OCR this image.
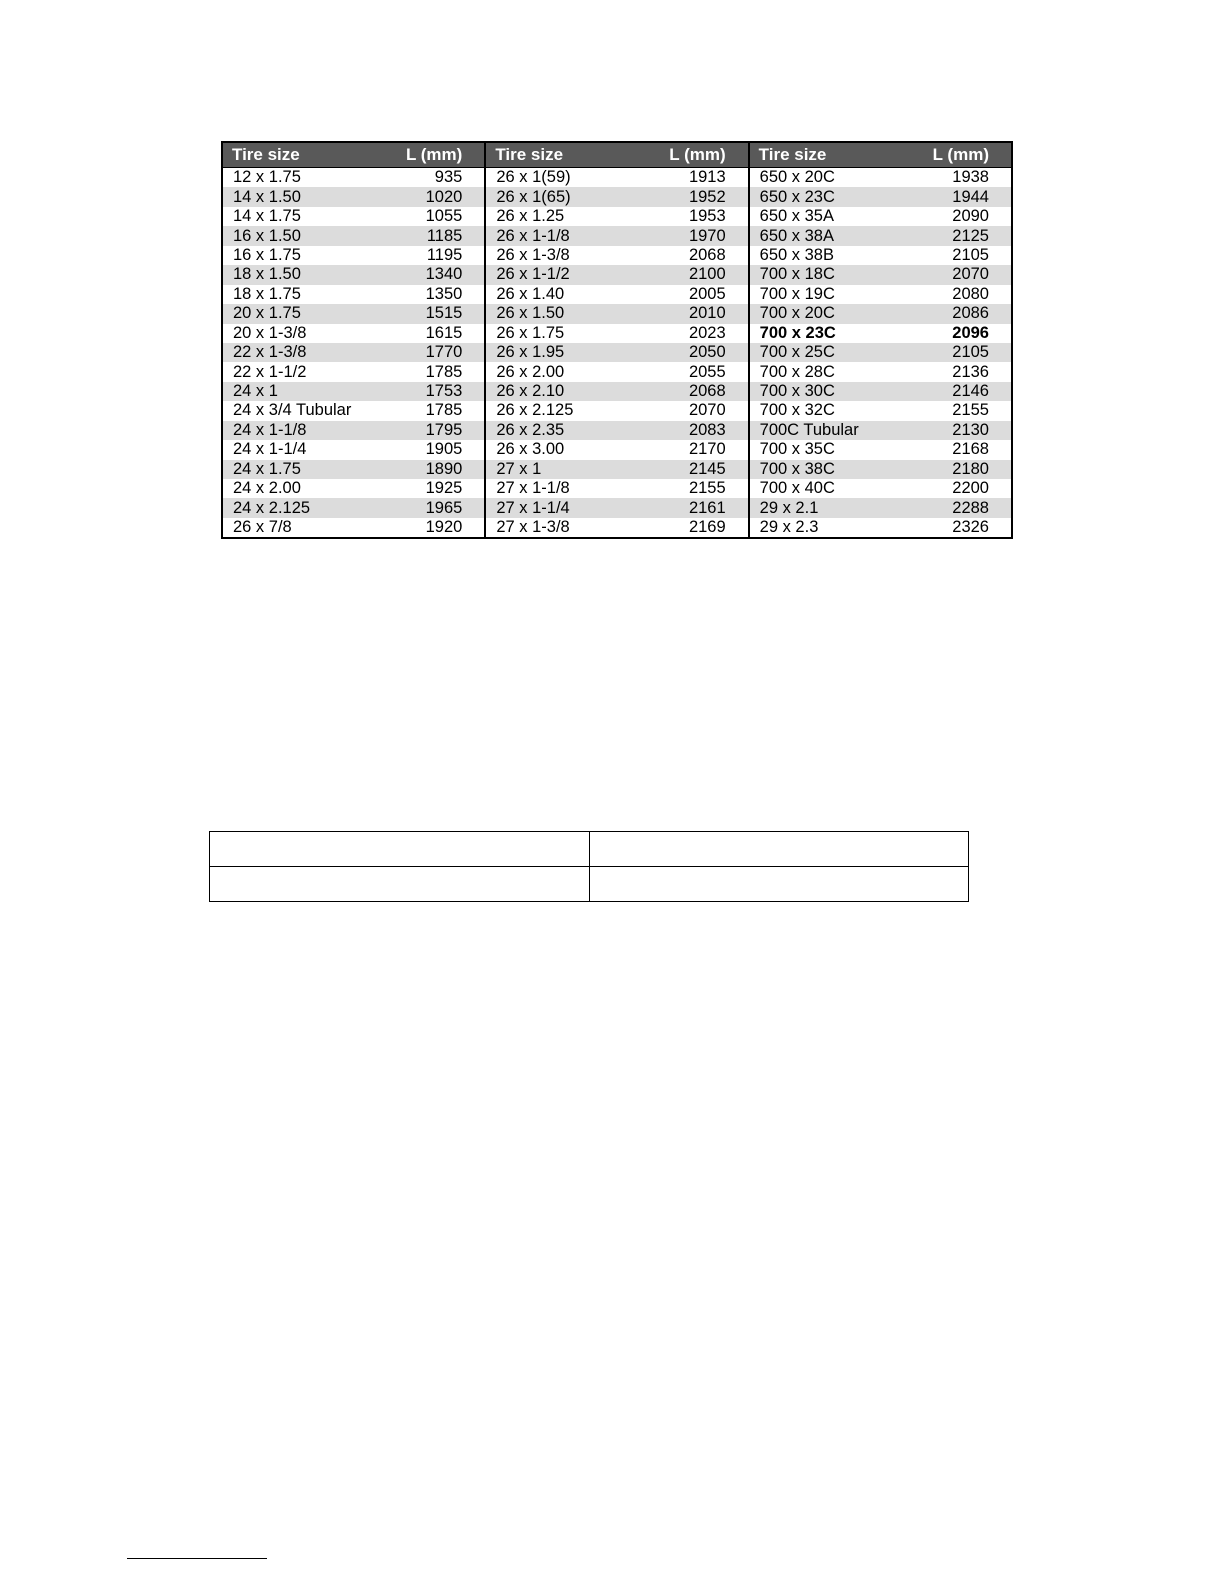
Tire size	L (mm)
12 x 1.75	935
14 x 1.50	1020
14 x 1.75	1055
16 x 1.50	1185
16 x 1.75	1195
18 x 1.50	1340
18 x 1.75	1350
20 x 1.75	1515
20 x 1-3/8	1615
22 x 1-3/8	1770
22 x 1-1/2	1785
24 x 1	1753
24 x 3/4 Tubular	1785
24 x 1-1/8	1795
24 x 1-1/4	1905
24 x 1.75	1890
24 x 2.00	1925
24 x 2.125	1965
26 x 7/8	1920
Tire size	L (mm)
26 x 1(59)	1913
26 x 1(65)	1952
26 x 1.25	1953
26 x 1-1/8	1970
26 x 1-3/8	2068
26 x 1-1/2	2100
26 x 1.40	2005
26 x 1.50	2010
26 x 1.75	2023
26 x 1.95	2050
26 x 2.00	2055
26 x 2.10	2068
26 x 2.125	2070
26 x 2.35	2083
26 x 3.00	2170
27 x 1	2145
27 x 1-1/8	2155
27 x 1-1/4	2161
27 x 1-3/8	2169
Tire size	L (mm)
650 x 20C	1938
650 x 23C	1944
650 x 35A	2090
650 x 38A	2125
650 x 38B	2105
700 x 18C	2070
700 x 19C	2080
700 x 20C	2086
700 x 23C	2096
700 x 25C	2105
700 x 28C	2136
700 x 30C	2146
700 x 32C	2155
700C Tubular	2130
700 x 35C	2168
700 x 38C	2180
700 x 40C	2200
29 x 2.1	2288
29 x 2.3	2326
